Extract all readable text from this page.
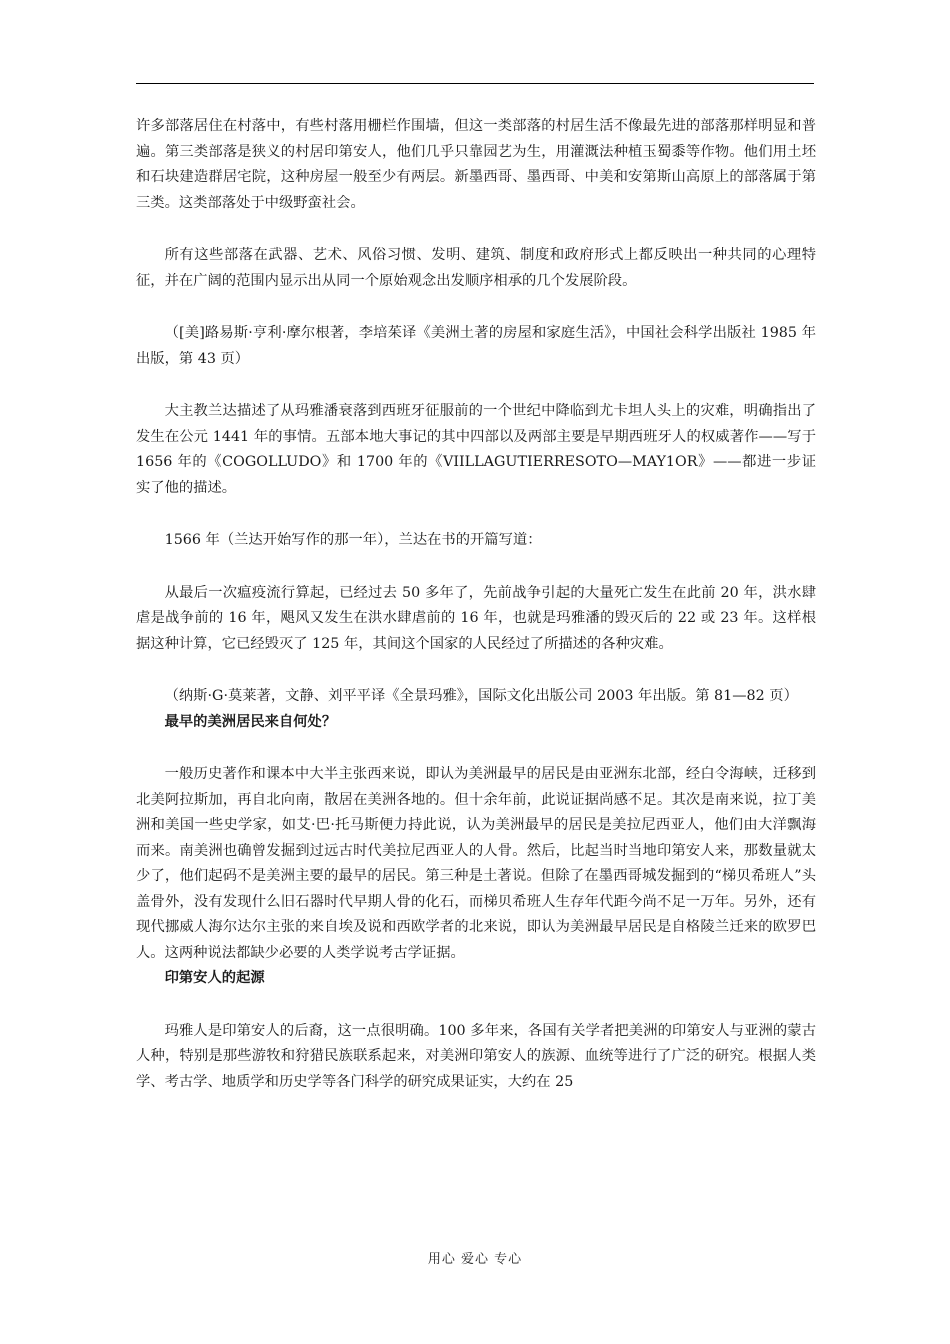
许多部落居住在村落中，有些村落用栅栏作围墙，但这一类部落的村居生活不像最先进的部落那样明显和普遍。第三类部落是狭义的村居印第安人，他们几乎只靠园艺为生，用灌溉法种植玉蜀黍等作物。他们用土坯和石块建造群居宅院，这种房屋一般至少有两层。新墨西哥、墨西哥、中美和安第斯山高原上的部落属于第三类。这类部落处于中级野蛮社会。

所有这些部落在武器、艺术、风俗习惯、发明、建筑、制度和政府形式上都反映出一种共同的心理特征，并在广阔的范围内显示出从同一个原始观念出发顺序相承的几个发展阶段。

（[美]路易斯·亨利·摩尔根著，李培茱译《美洲土著的房屋和家庭生活》，中国社会科学出版社 1985 年出版，第 43 页）

大主教兰达描述了从玛雅潘衰落到西班牙征服前的一个世纪中降临到尤卡坦人头上的灾难，明确指出了发生在公元 1441 年的事情。五部本地大事记的其中四部以及两部主要是早期西班牙人的权威著作——写于 1656 年的《COGOLLUDO》和 1700 年的《VIILLAGUTIERRESOTO—MAY1OR》——都进一步证实了他的描述。

1566 年（兰达开始写作的那一年），兰达在书的开篇写道：

从最后一次瘟疫流行算起，已经过去 50 多年了，先前战争引起的大量死亡发生在此前 20 年，洪水肆虐是战争前的 16 年，飓风又发生在洪水肆虐前的 16 年，也就是玛雅潘的毁灭后的 22 或 23 年。这样根据这种计算，它已经毁灭了 125 年，其间这个国家的人民经过了所描述的各种灾难。

（纳斯·G·莫莱著，文静、刘平平译《全景玛雅》，国际文化出版公司 2003 年出版。第 81—82 页）

最早的美洲居民来自何处？

一般历史著作和课本中大半主张西来说，即认为美洲最早的居民是由亚洲东北部，经白令海峡，迁移到北美阿拉斯加，再自北向南，散居在美洲各地的。但十余年前，此说证据尚感不足。其次是南来说，拉丁美洲和美国一些史学家，如艾·巴·托马斯便力持此说，认为美洲最早的居民是美拉尼西亚人，他们由大洋飘海而来。南美洲也确曾发掘到过远古时代美拉尼西亚人的人骨。然后，比起当时当地印第安人来，那数量就太少了，他们起码不是美洲主要的最早的居民。第三种是土著说。但除了在墨西哥城发掘到的“梯贝希班人”头盖骨外，没有发现什么旧石器时代早期人骨的化石，而梯贝希班人生存年代距今尚不足一万年。另外，还有现代挪威人海尔达尔主张的来自埃及说和西欧学者的北来说，即认为美洲最早居民是自格陵兰迁来的欧罗巴人。这两种说法都缺少必要的人类学说考古学证据。

印第安人的起源

玛雅人是印第安人的后裔，这一点很明确。100 多年来，各国有关学者把美洲的印第安人与亚洲的蒙古人种，特别是那些游牧和狩猎民族联系起来，对美洲印第安人的族源、血统等进行了广泛的研究。根据人类学、考古学、地质学和历史学等各门科学的研究成果证实，大约在 25

用心 爱心 专心
